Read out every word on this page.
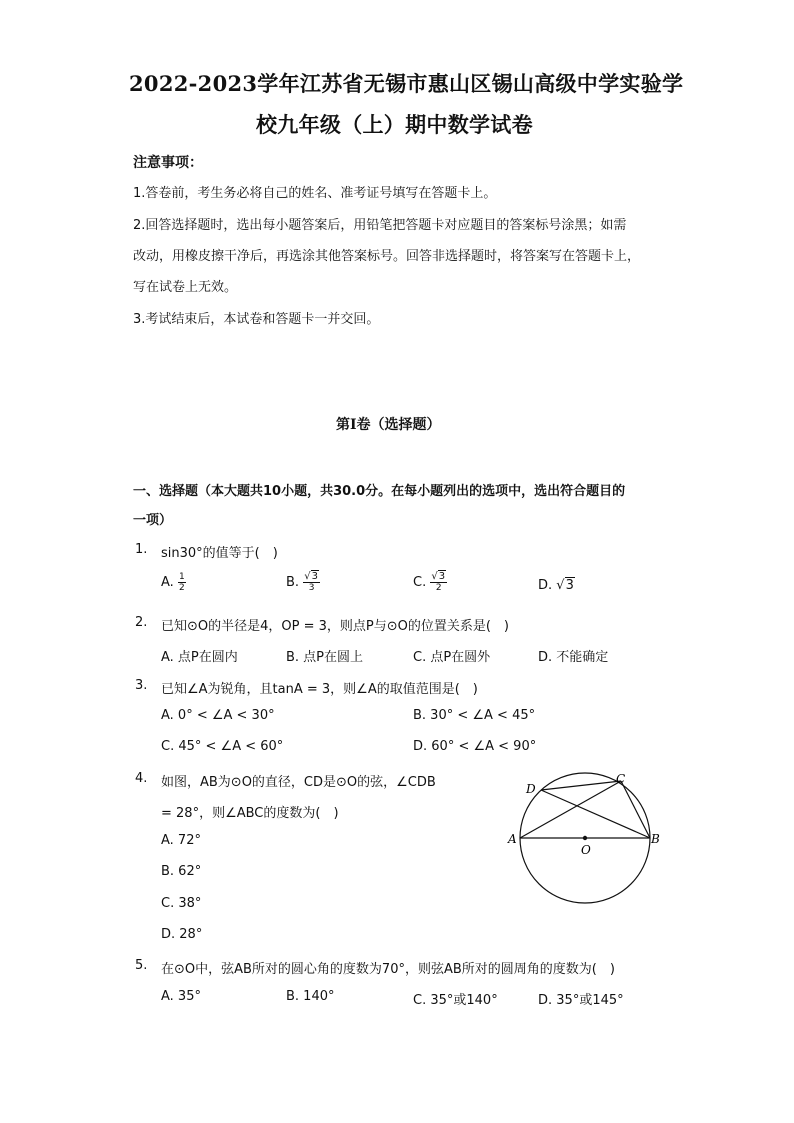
2022-2023学年江苏省无锡市惠山区锡山高级中学实验学
校九年级（上）期中数学试卷
注意事项：
1.答卷前，考生务必将自己的姓名、准考证号填写在答题卡上。
2.回答选择题时，选出每小题答案后，用铅笔把答题卡对应题目的答案标号涂黑；如需
改动，用橡皮擦干净后，再选涂其他答案标号。回答非选择题时，将答案写在答题卡上，
写在试卷上无效。
3.考试结束后，本试卷和答题卡一并交回。
第I卷（选择题）
一、选择题（本大题共10小题，共30.0分。在每小题列出的选项中，选出符合题目的
一项）
1. sin30°的值等于(　)
A. $\frac{1}{2}$	B. $\frac{√3}{3}$	C. $\frac{√3}{2}$	D. √3
2. 已知⊙O的半径是4，OP = 3，则点P与⊙O的位置关系是(　)
A. 点P在圆内	B. 点P在圆上	C. 点P在圆外	D. 不能确定
3. 已知∠A为锐角，且tanA = 3，则∠A的取值范围是(　)
A. 0° < ∠A < 30°	B. 30° < ∠A < 45°
C. 45° < ∠A < 60°	D. 60° < ∠A < 90°
4. 如图，AB为⊙O的直径，CD是⊙O的弦，∠CDB
= 28°，则∠ABC的度数为(　)
A. 72°
B. 62°
C. 38°
D. 28°
A	B
C
D
O
5. 在⊙O中，弦AB所对的圆心角的度数为70°，则弦AB所对的圆周角的度数为(　)
A. 35°	B. 140°	C. 35°或140°	D. 35°或145°
